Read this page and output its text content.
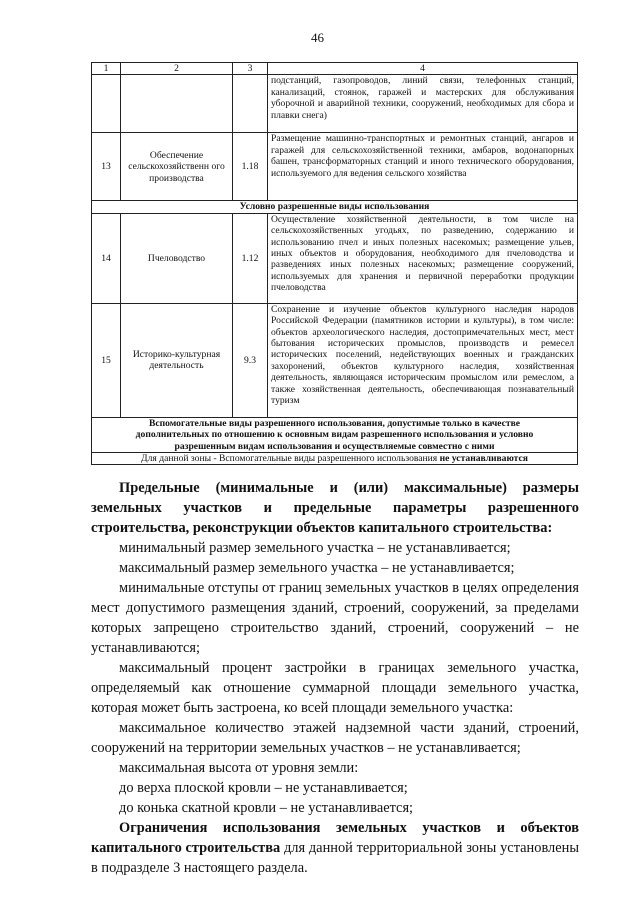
46
1	2	3	4
			подстанций, газопроводов, линий связи, телефонных станций, канализаций, стоянок, гаражей и мастерских для обслуживания уборочной и аварийной техники, сооружений, необходимых для сбора и плавки снега)
13	Обеспечение сельскохозяйственн ого производства	1.18	Размещение машинно-транспортных и ремонтных станций, ангаров и гаражей для сельскохозяйственной техники, амбаров, водонапорных башен, трансформаторных станций и иного технического оборудования, используемого для ведения сельского хозяйства
Условно разрешенные виды использования			
14	Пчеловодство	1.12	Осуществление хозяйственной деятельности, в том числе на сельскохозяйственных угодьях, по разведению, содержанию и использованию пчел и иных полезных насекомых; размещение ульев, иных объектов и оборудования, необходимого для пчеловодства и разведениях иных полезных насекомых; размещение сооружений, используемых для хранения и первичной переработки продукции пчеловодства
15	Историко-культурная деятельность	9.3	Сохранение и изучение объектов культурного наследия народов Российской Федерации (памятников истории и культуры), в том числе: объектов археологического наследия, достопримечательных мест, мест бытования исторических промыслов, производств и ремесел исторических поселений, недействующих военных и гражданских захоронений, объектов культурного наследия, хозяйственная деятельность, являющаяся историческим промыслом или ремеслом, а также хозяйственная деятельность, обеспечивающая познавательный туризм
Вспомогательные виды разрешенного использования, допустимые только в качестве дополнительных по отношению к основным видам разрешенного использования и условно разрешенным видам использования и осуществляемые совместно с ними			
Для данной зоны - Вспомогательные виды разрешенного использования не устанавливаются			

Предельные (минимальные и (или) максимальные) размеры земельных участков и предельные параметры разрешенного строительства, реконструкции объектов капитального строительства:

минимальный размер земельного участка – не устанавливается;

максимальный размер земельного участка – не устанавливается;

минимальные отступы от границ земельных участков в целях определения мест допустимого размещения зданий, строений, сооружений, за пределами которых запрещено строительство зданий, строений, сооружений – не устанавливаются;

максимальный процент застройки в границах земельного участка, определяемый как отношение суммарной площади земельного участка, которая может быть застроена, ко всей площади земельного участка:

максимальное количество этажей надземной части зданий, строений, сооружений на территории земельных участков – не устанавливается;

максимальная высота от уровня земли:

до верха плоской кровли – не устанавливается;

до конька скатной кровли – не устанавливается;

Ограничения использования земельных участков и объектов капитального строительства для данной территориальной зоны установлены в подразделе 3 настоящего раздела.
